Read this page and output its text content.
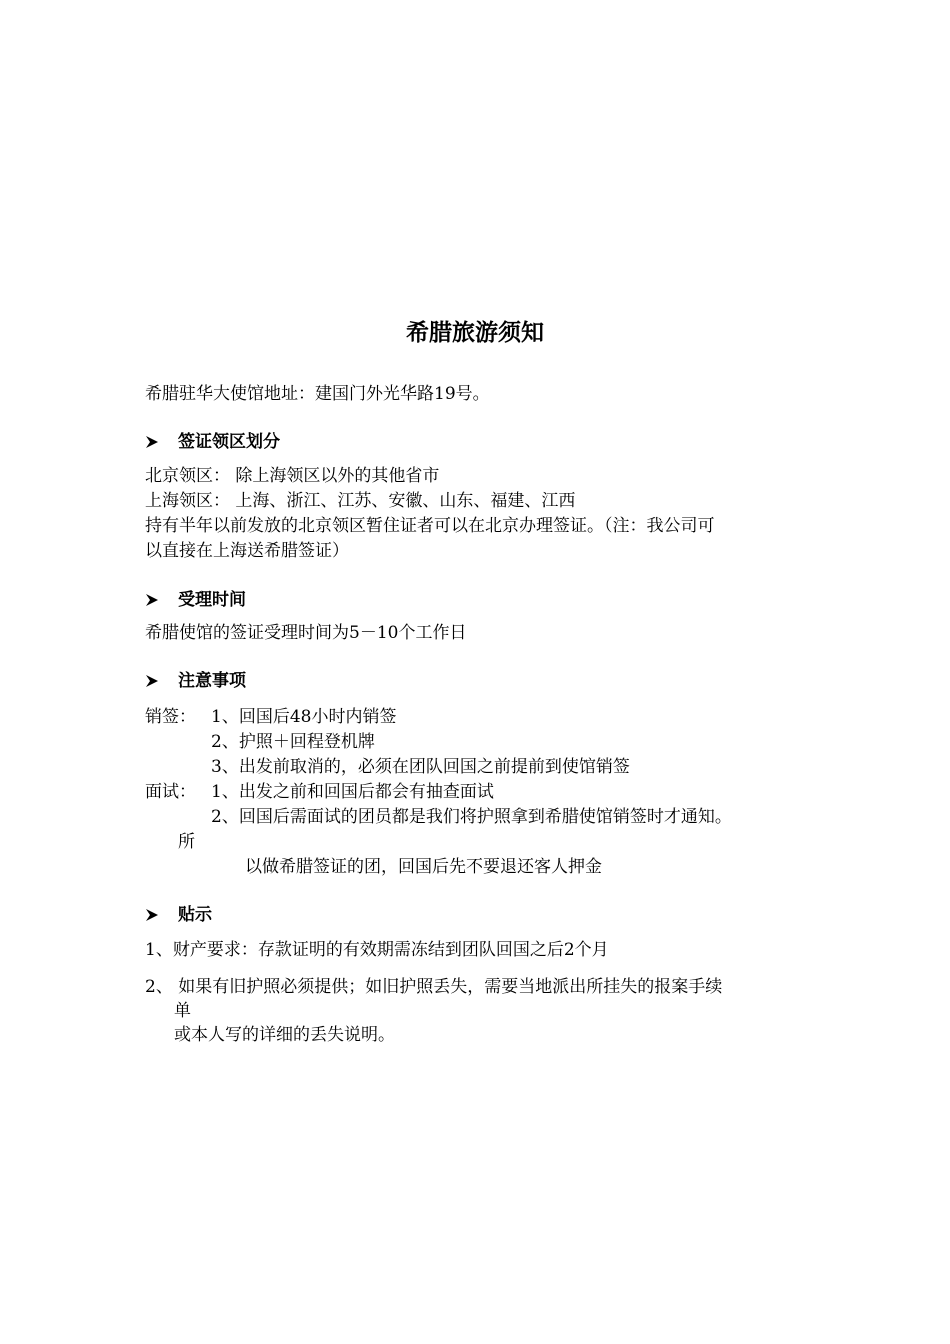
希腊旅游须知
希腊驻华大使馆地址：建国门外光华路19号。
签证领区划分
北京领区： 除上海领区以外的其他省市
上海领区： 上海、浙江、江苏、安徽、山东、福建、江西
持有半年以前发放的北京领区暂住证者可以在北京办理签证。（注：我公司可
以直接在上海送希腊签证）
受理时间
希腊使馆的签证受理时间为5－10个工作日
注意事项
销签： 1、回国后48小时内销签
2、护照＋回程登机牌
3、出发前取消的，必须在团队回国之前提前到使馆销签
面试： 1、出发之前和回国后都会有抽查面试
2、回国后需面试的团员都是我们将护照拿到希腊使馆销签时才通知。
所
以做希腊签证的团，回国后先不要退还客人押金
贴示
1、财产要求：存款证明的有效期需冻结到团队回国之后2个月
2、 如果有旧护照必须提供；如旧护照丢失，需要当地派出所挂失的报案手续
单
或本人写的详细的丢失说明。
